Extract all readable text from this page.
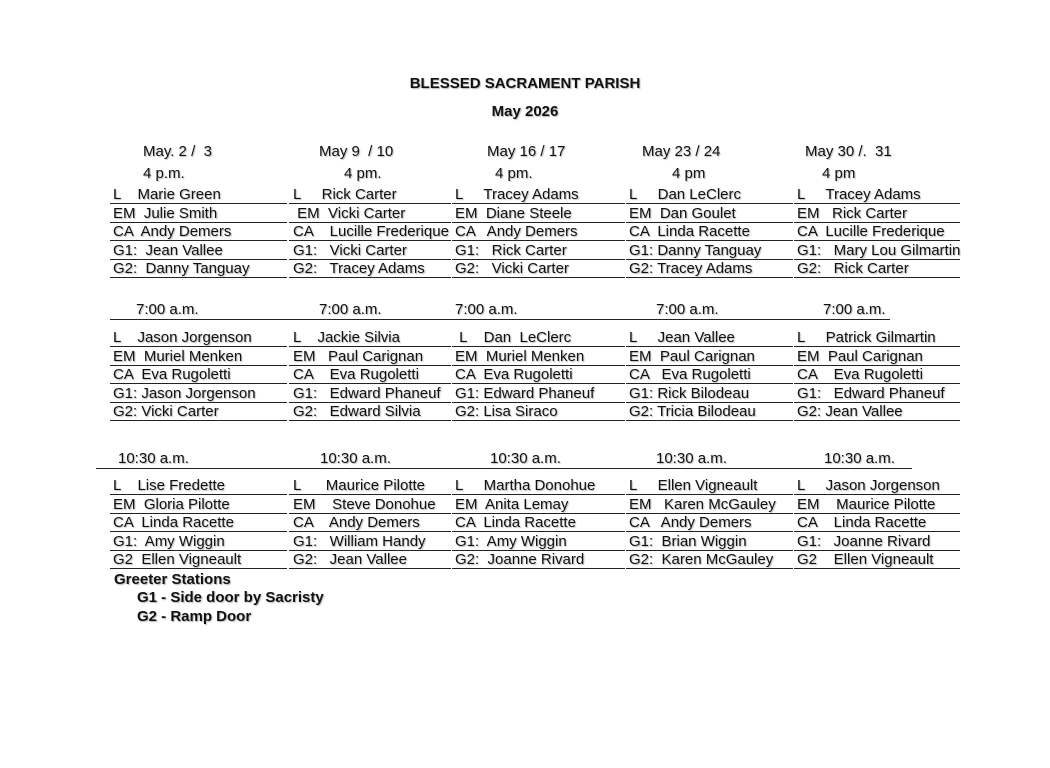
BLESSED SACRAMENT PARISH
May 2026
May. 2 /  3	May 9  / 10	May 16 / 17	May 23 / 24	May 30 /.  31
4 p.m.	4 pm.	4 pm.	4 pm	4 pm
L    Marie Green	L     Rick Carter	L     Tracey Adams	L     Dan LeClerc	L     Tracey Adams
EM  Julie Smith	EM  Vicki Carter	EM  Diane Steele	EM  Dan Goulet	EM   Rick Carter
CA  Andy Demers	CA    Lucille Frederique CA   Andy Demers	CA  Linda Racette	CA  Lucille Frederique
G1:  Jean Vallee	G1:   Vicki Carter	G1:   Rick Carter	G1: Danny Tanguay G1:   Mary Lou Gilmartin
G2:  Danny Tanguay	G2:   Tracey Adams G2:   Vicki Carter	G2: Tracey Adams	G2:   Rick Carter
7:00 a.m.	7:00 a.m.	7:00 a.m.	7:00 a.m.	7:00 a.m.
L    Jason Jorgenson	L    Jackie Silvia	L    Dan  LeClerc	L     Jean Vallee	L     Patrick Gilmartin
EM  Muriel Menken	EM   Paul Carignan EM  Muriel Menken	EM  Paul Carignan	EM  Paul Carignan
CA  Eva Rugoletti	CA    Eva Rugoletti CA  Eva Rugoletti	CA   Eva Rugoletti	CA    Eva Rugoletti
G1: Jason Jorgenson G1:   Edward Phaneuf G1: Edward Phaneuf G1: Rick Bilodeau	G1:   Edward Phaneuf
G2: Vicki Carter	G2:   Edward Silvia G2: Lisa Siraco	G2: Tricia Bilodeau	G2: Jean Vallee
10:30 a.m.	10:30 a.m.	10:30 a.m.	10:30 a.m.	10:30 a.m.
L    Lise Fredette	L      Maurice Pilotte L     Martha Donohue L     Ellen Vigneault	L     Jason Jorgenson
EM  Gloria Pilotte	EM    Steve Donohue EM  Anita Lemay	EM   Karen McGauley EM    Maurice Pilotte
CA  Linda Racette	CA    Andy Demers CA  Linda Racette	CA   Andy Demers	CA    Linda Racette
G1:  Amy Wiggin	G1:   William Handy G1:  Amy Wiggin	G1:  Brian Wiggin	G1:   Joanne Rivard
G2  Ellen Vigneault	G2:   Jean Vallee	G2:  Joanne Rivard	G2:  Karen McGauley G2    Ellen Vigneault
Greeter Stations
G1 - Side door by Sacristy
G2 - Ramp Door
